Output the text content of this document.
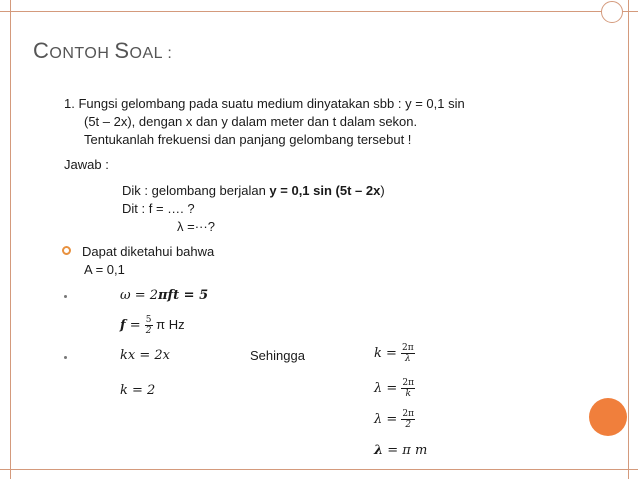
CONTOH SOAL :
1. Fungsi gelombang pada suatu medium dinyatakan sbb : y = 0,1 sin
(5t – 2x), dengan x dan y dalam meter dan t dalam sekon.
Tentukanlah frekuensi dan panjang gelombang tersebut !
Jawab :
Dik : gelombang berjalan y = 0,1 sin (5t – 2x)
Dit : f = …. ?
λ =···?
Dapat diketahui bahwa
A = 0,1
ω = 2πft = 5
$f = \frac{5}{2}$ π Hz
kx = 2x	Sehingga	$k = \frac{2\pi}{\lambda}$
k = 2	$\lambda = \frac{2\pi}{k}$
$\lambda = \frac{2\pi}{2}$
λ = π m
